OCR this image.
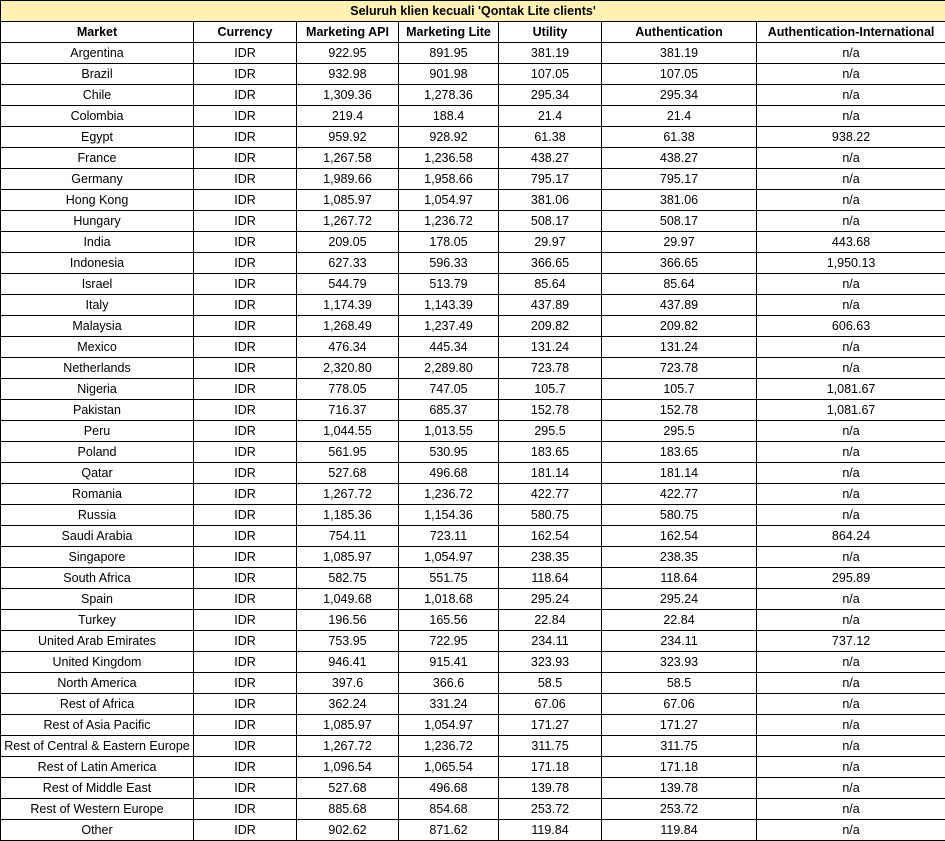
Seluruh klien kecuali 'Qontak Lite clients'						
Market	Currency	Marketing API	Marketing Lite	Utility	Authentication	Authentication-International
Argentina	IDR	922.95	891.95	381.19	381.19	n/a
Brazil	IDR	932.98	901.98	107.05	107.05	n/a
Chile	IDR	1,309.36	1,278.36	295.34	295.34	n/a
Colombia	IDR	219.4	188.4	21.4	21.4	n/a
Egypt	IDR	959.92	928.92	61.38	61.38	938.22
France	IDR	1,267.58	1,236.58	438.27	438.27	n/a
Germany	IDR	1,989.66	1,958.66	795.17	795.17	n/a
Hong Kong	IDR	1,085.97	1,054.97	381.06	381.06	n/a
Hungary	IDR	1,267.72	1,236.72	508.17	508.17	n/a
India	IDR	209.05	178.05	29.97	29.97	443.68
Indonesia	IDR	627.33	596.33	366.65	366.65	1,950.13
Israel	IDR	544.79	513.79	85.64	85.64	n/a
Italy	IDR	1,174.39	1,143.39	437.89	437.89	n/a
Malaysia	IDR	1,268.49	1,237.49	209.82	209.82	606.63
Mexico	IDR	476.34	445.34	131.24	131.24	n/a
Netherlands	IDR	2,320.80	2,289.80	723.78	723.78	n/a
Nigeria	IDR	778.05	747.05	105.7	105.7	1,081.67
Pakistan	IDR	716.37	685.37	152.78	152.78	1,081.67
Peru	IDR	1,044.55	1,013.55	295.5	295.5	n/a
Poland	IDR	561.95	530.95	183.65	183.65	n/a
Qatar	IDR	527.68	496.68	181.14	181.14	n/a
Romania	IDR	1,267.72	1,236.72	422.77	422.77	n/a
Russia	IDR	1,185.36	1,154.36	580.75	580.75	n/a
Saudi Arabia	IDR	754.11	723.11	162.54	162.54	864.24
Singapore	IDR	1,085.97	1,054.97	238.35	238.35	n/a
South Africa	IDR	582.75	551.75	118.64	118.64	295.89
Spain	IDR	1,049.68	1,018.68	295.24	295.24	n/a
Turkey	IDR	196.56	165.56	22.84	22.84	n/a
United Arab Emirates	IDR	753.95	722.95	234.11	234.11	737.12
United Kingdom	IDR	946.41	915.41	323.93	323.93	n/a
North America	IDR	397.6	366.6	58.5	58.5	n/a
Rest of Africa	IDR	362.24	331.24	67.06	67.06	n/a
Rest of Asia Pacific	IDR	1,085.97	1,054.97	171.27	171.27	n/a
Rest of Central & Eastern Europe	IDR	1,267.72	1,236.72	311.75	311.75	n/a
Rest of Latin America	IDR	1,096.54	1,065.54	171.18	171.18	n/a
Rest of Middle East	IDR	527.68	496.68	139.78	139.78	n/a
Rest of Western Europe	IDR	885.68	854.68	253.72	253.72	n/a
Other	IDR	902.62	871.62	119.84	119.84	n/a
